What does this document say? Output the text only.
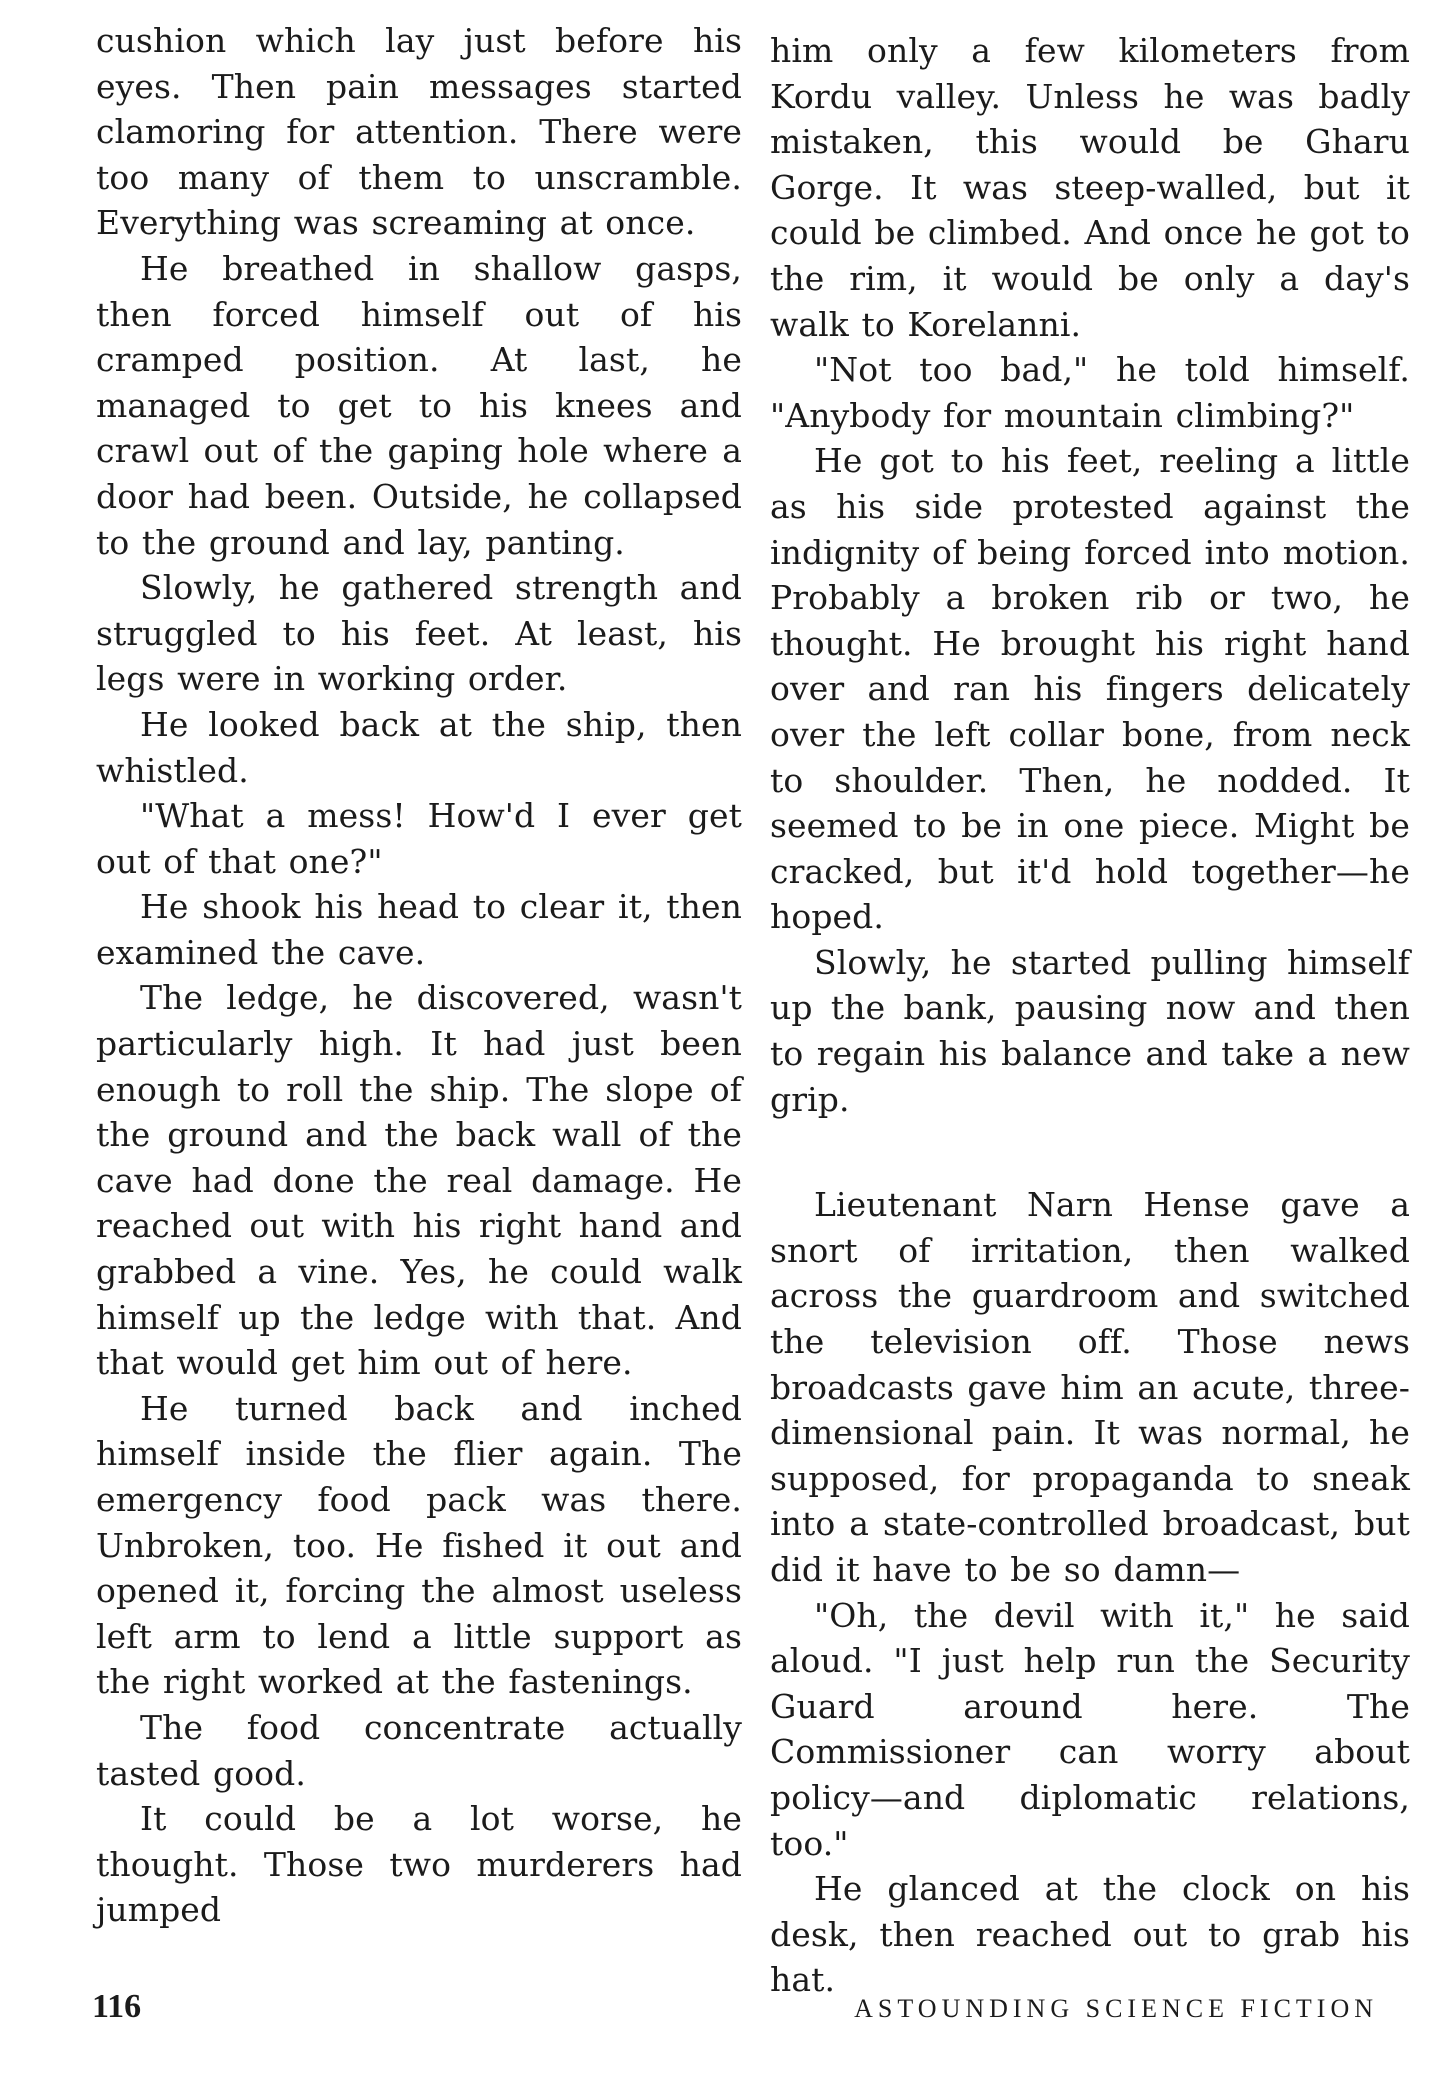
cushion which lay just before his eyes. Then pain messages started clamoring for attention. There were too many of them to unscramble. Everything was screaming at once.

He breathed in shallow gasps, then forced himself out of his cramped position. At last, he managed to get to his knees and crawl out of the gaping hole where a door had been. Outside, he collapsed to the ground and lay, panting.

Slowly, he gathered strength and struggled to his feet. At least, his legs were in working order.

He looked back at the ship, then whistled.

"What a mess! How'd I ever get out of that one?"

He shook his head to clear it, then examined the cave.

The ledge, he discovered, wasn't particularly high. It had just been enough to roll the ship. The slope of the ground and the back wall of the cave had done the real damage. He reached out with his right hand and grabbed a vine. Yes, he could walk himself up the ledge with that. And that would get him out of here.

He turned back and inched himself inside the flier again. The emergency food pack was there. Unbroken, too. He fished it out and opened it, forcing the almost useless left arm to lend a little support as the right worked at the fastenings.

The food concentrate actually tasted good.

It could be a lot worse, he thought. Those two murderers had jumped

him only a few kilometers from Kordu valley. Unless he was badly mistaken, this would be Gharu Gorge. It was steep-walled, but it could be climbed. And once he got to the rim, it would be only a day's walk to Korelanni.

"Not too bad," he told himself. "Anybody for mountain climbing?"

He got to his feet, reeling a little as his side protested against the indignity of being forced into motion. Probably a broken rib or two, he thought. He brought his right hand over and ran his fingers delicately over the left collar bone, from neck to shoulder. Then, he nodded. It seemed to be in one piece. Might be cracked, but it'd hold together—he hoped.

Slowly, he started pulling himself up the bank, pausing now and then to regain his balance and take a new grip.

Lieutenant Narn Hense gave a snort of irritation, then walked across the guardroom and switched the television off. Those news broadcasts gave him an acute, three-dimensional pain. It was normal, he supposed, for propaganda to sneak into a state-controlled broadcast, but did it have to be so damn—

"Oh, the devil with it," he said aloud. "I just help run the Security Guard around here. The Commissioner can worry about policy—and diplomatic relations, too."

He glanced at the clock on his desk, then reached out to grab his hat.

116	ASTOUNDING SCIENCE FICTION
